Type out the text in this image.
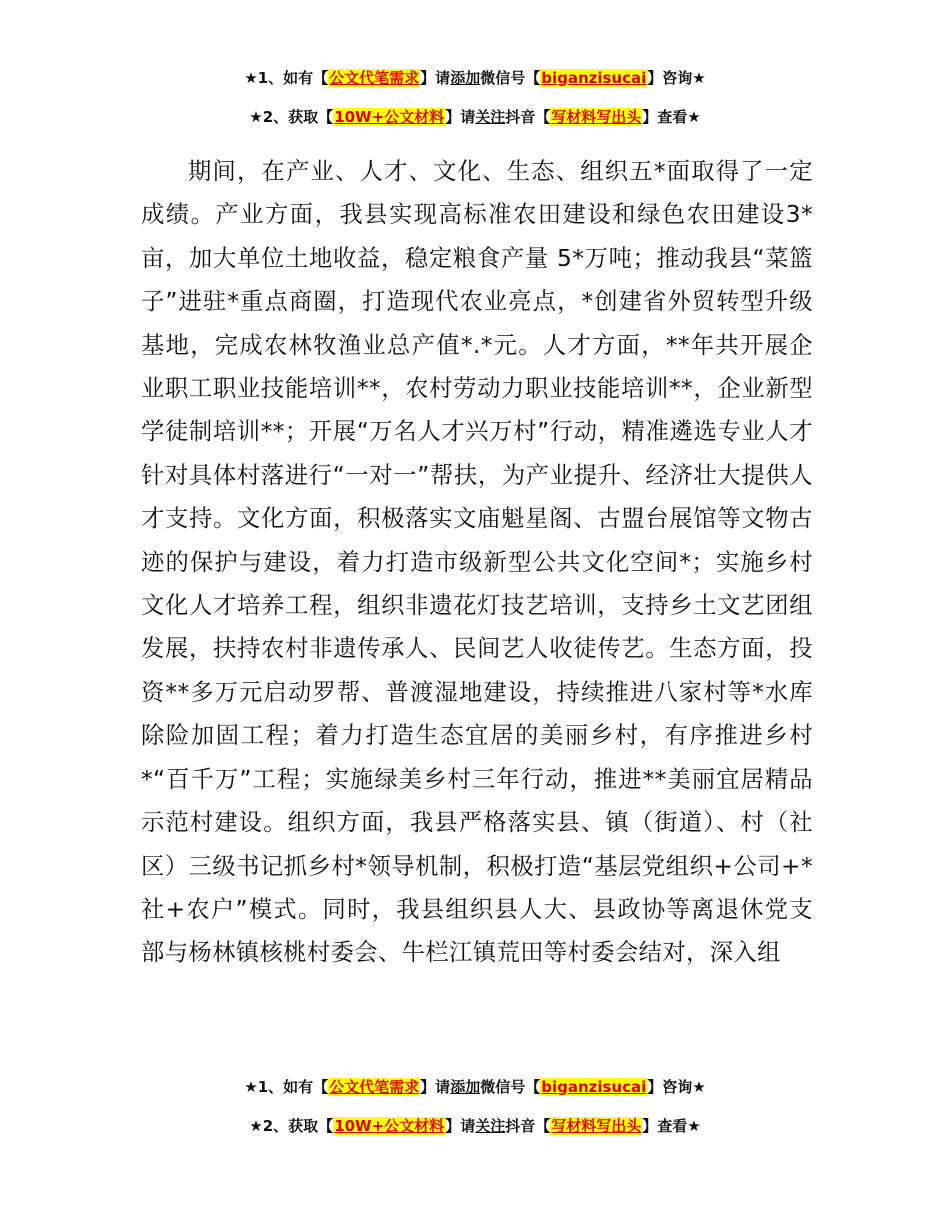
★1、如有【公文代笔需求】请添加微信号【biganzisucai】咨询★
★2、获取【10W+公文材料】请关注抖音【写材料写出头】查看★

期间，在产业、人才、文化、生态、组织五*面取得了一定成绩。产业方面，我县实现高标准农田建设和绿色农田建设3*亩，加大单位土地收益，稳定粮食产量 5*万吨；推动我县“菜篮子”进驻*重点商圈，打造现代农业亮点，*创建省外贸转型升级基地，完成农林牧渔业总产值*.*元。人才方面，**年共开展企业职工职业技能培训**，农村劳动力职业技能培训**，企业新型学徒制培训**；开展“万名人才兴万村”行动，精准遴选专业人才针对具体村落进行“一对一”帮扶，为产业提升、经济壮大提供人才支持。文化方面，积极落实文庙魁星阁、古盟台展馆等文物古迹的保护与建设，着力打造市级新型公共文化空间*；实施乡村文化人才培养工程，组织非遗花灯技艺培训，支持乡土文艺团组发展，扶持农村非遗传承人、民间艺人收徒传艺。生态方面，投资**多万元启动罗帮、普渡湿地建设，持续推进八家村等*水库除险加固工程；着力打造生态宜居的美丽乡村，有序推进乡村*“百千万”工程；实施绿美乡村三年行动，推进**美丽宜居精品示范村建设。组织方面，我县严格落实县、镇（街道）、村（社区）三级书记抓乡村*领导机制，积极打造“基层党组织+公司+*社+农户”模式。同时，我县组织县人大、县政协等离退休党支部与杨林镇核桃村委会、牛栏江镇荒田等村委会结对，深入组

★1、如有【公文代笔需求】请添加微信号【biganzisucai】咨询★
★2、获取【10W+公文材料】请关注抖音【写材料写出头】查看★
